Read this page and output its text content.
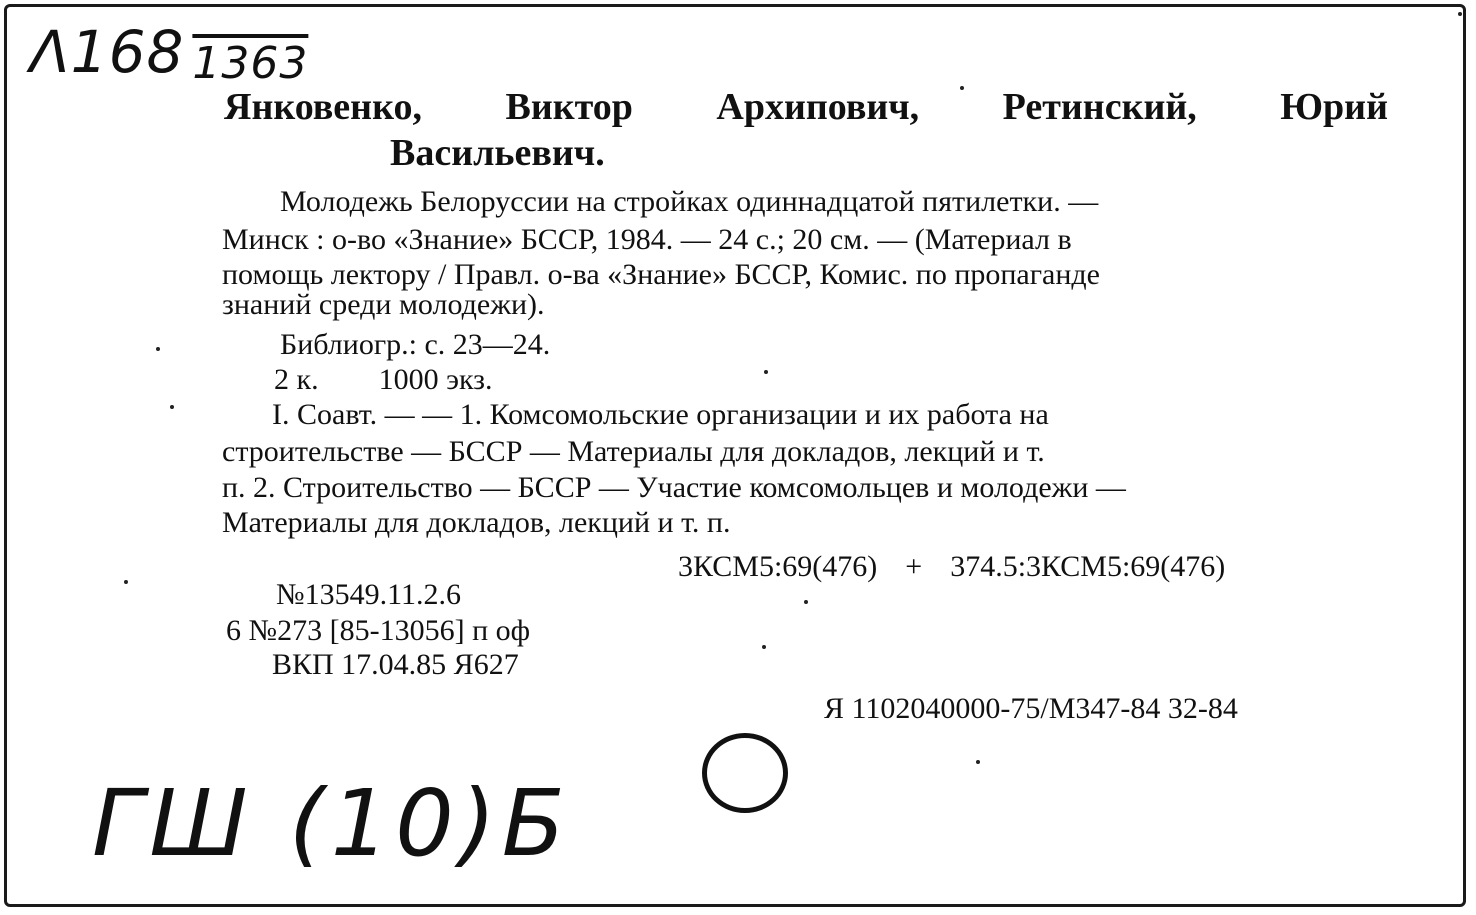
Λ168 1363
Янковенко, Виктор Архипович, Ретинский, Юрий
Васильевич.
Молодежь Белоруссии на стройках одиннадцатой пятилетки. —
Минск : о-во «Знание» БССР, 1984. — 24 с.; 20 см. — (Материал в
помощь лектору / Правл. о-ва «Знание» БССР, Комис. по пропаганде
знаний среди молодежи).
Библиогр.: с. 23—24.
2 к. 1000 экз.
I. Соавт. — — 1. Комсомольские организации и их работа на
строительстве — БССР — Материалы для докладов, лекций и т.
п. 2. Строительство — БССР — Участие комсомольцев и молодежи —
Материалы для докладов, лекций и т. п.
3КСМ5:69(476) + 374.5:3КСМ5:69(476)
№13549.11.2.6
6 №273 [85-13056] п оф
ВКП 17.04.85 Я627
Я 1102040000-75/М347-84 32-84
ГШ (10)Б
